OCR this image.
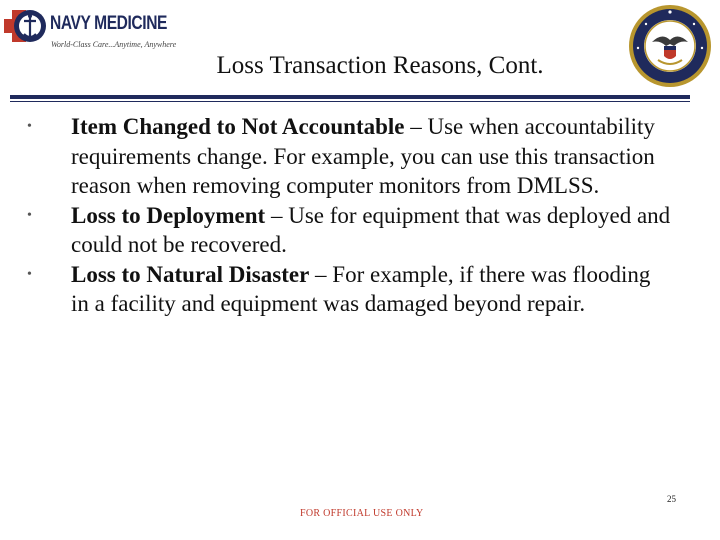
NAVY MEDICINE
World-Class Care...Anytime, Anywhere
Loss Transaction Reasons, Cont.
• Item Changed to Not Accountable – Use when accountability requirements change. For example, you can use this transaction reason when removing computer monitors from DMLSS.
• Loss to Deployment – Use for equipment that was deployed and could not be recovered.
• Loss to Natural Disaster – For example, if there was flooding in a facility and equipment was damaged beyond repair.
25
FOR OFFICIAL USE ONLY
